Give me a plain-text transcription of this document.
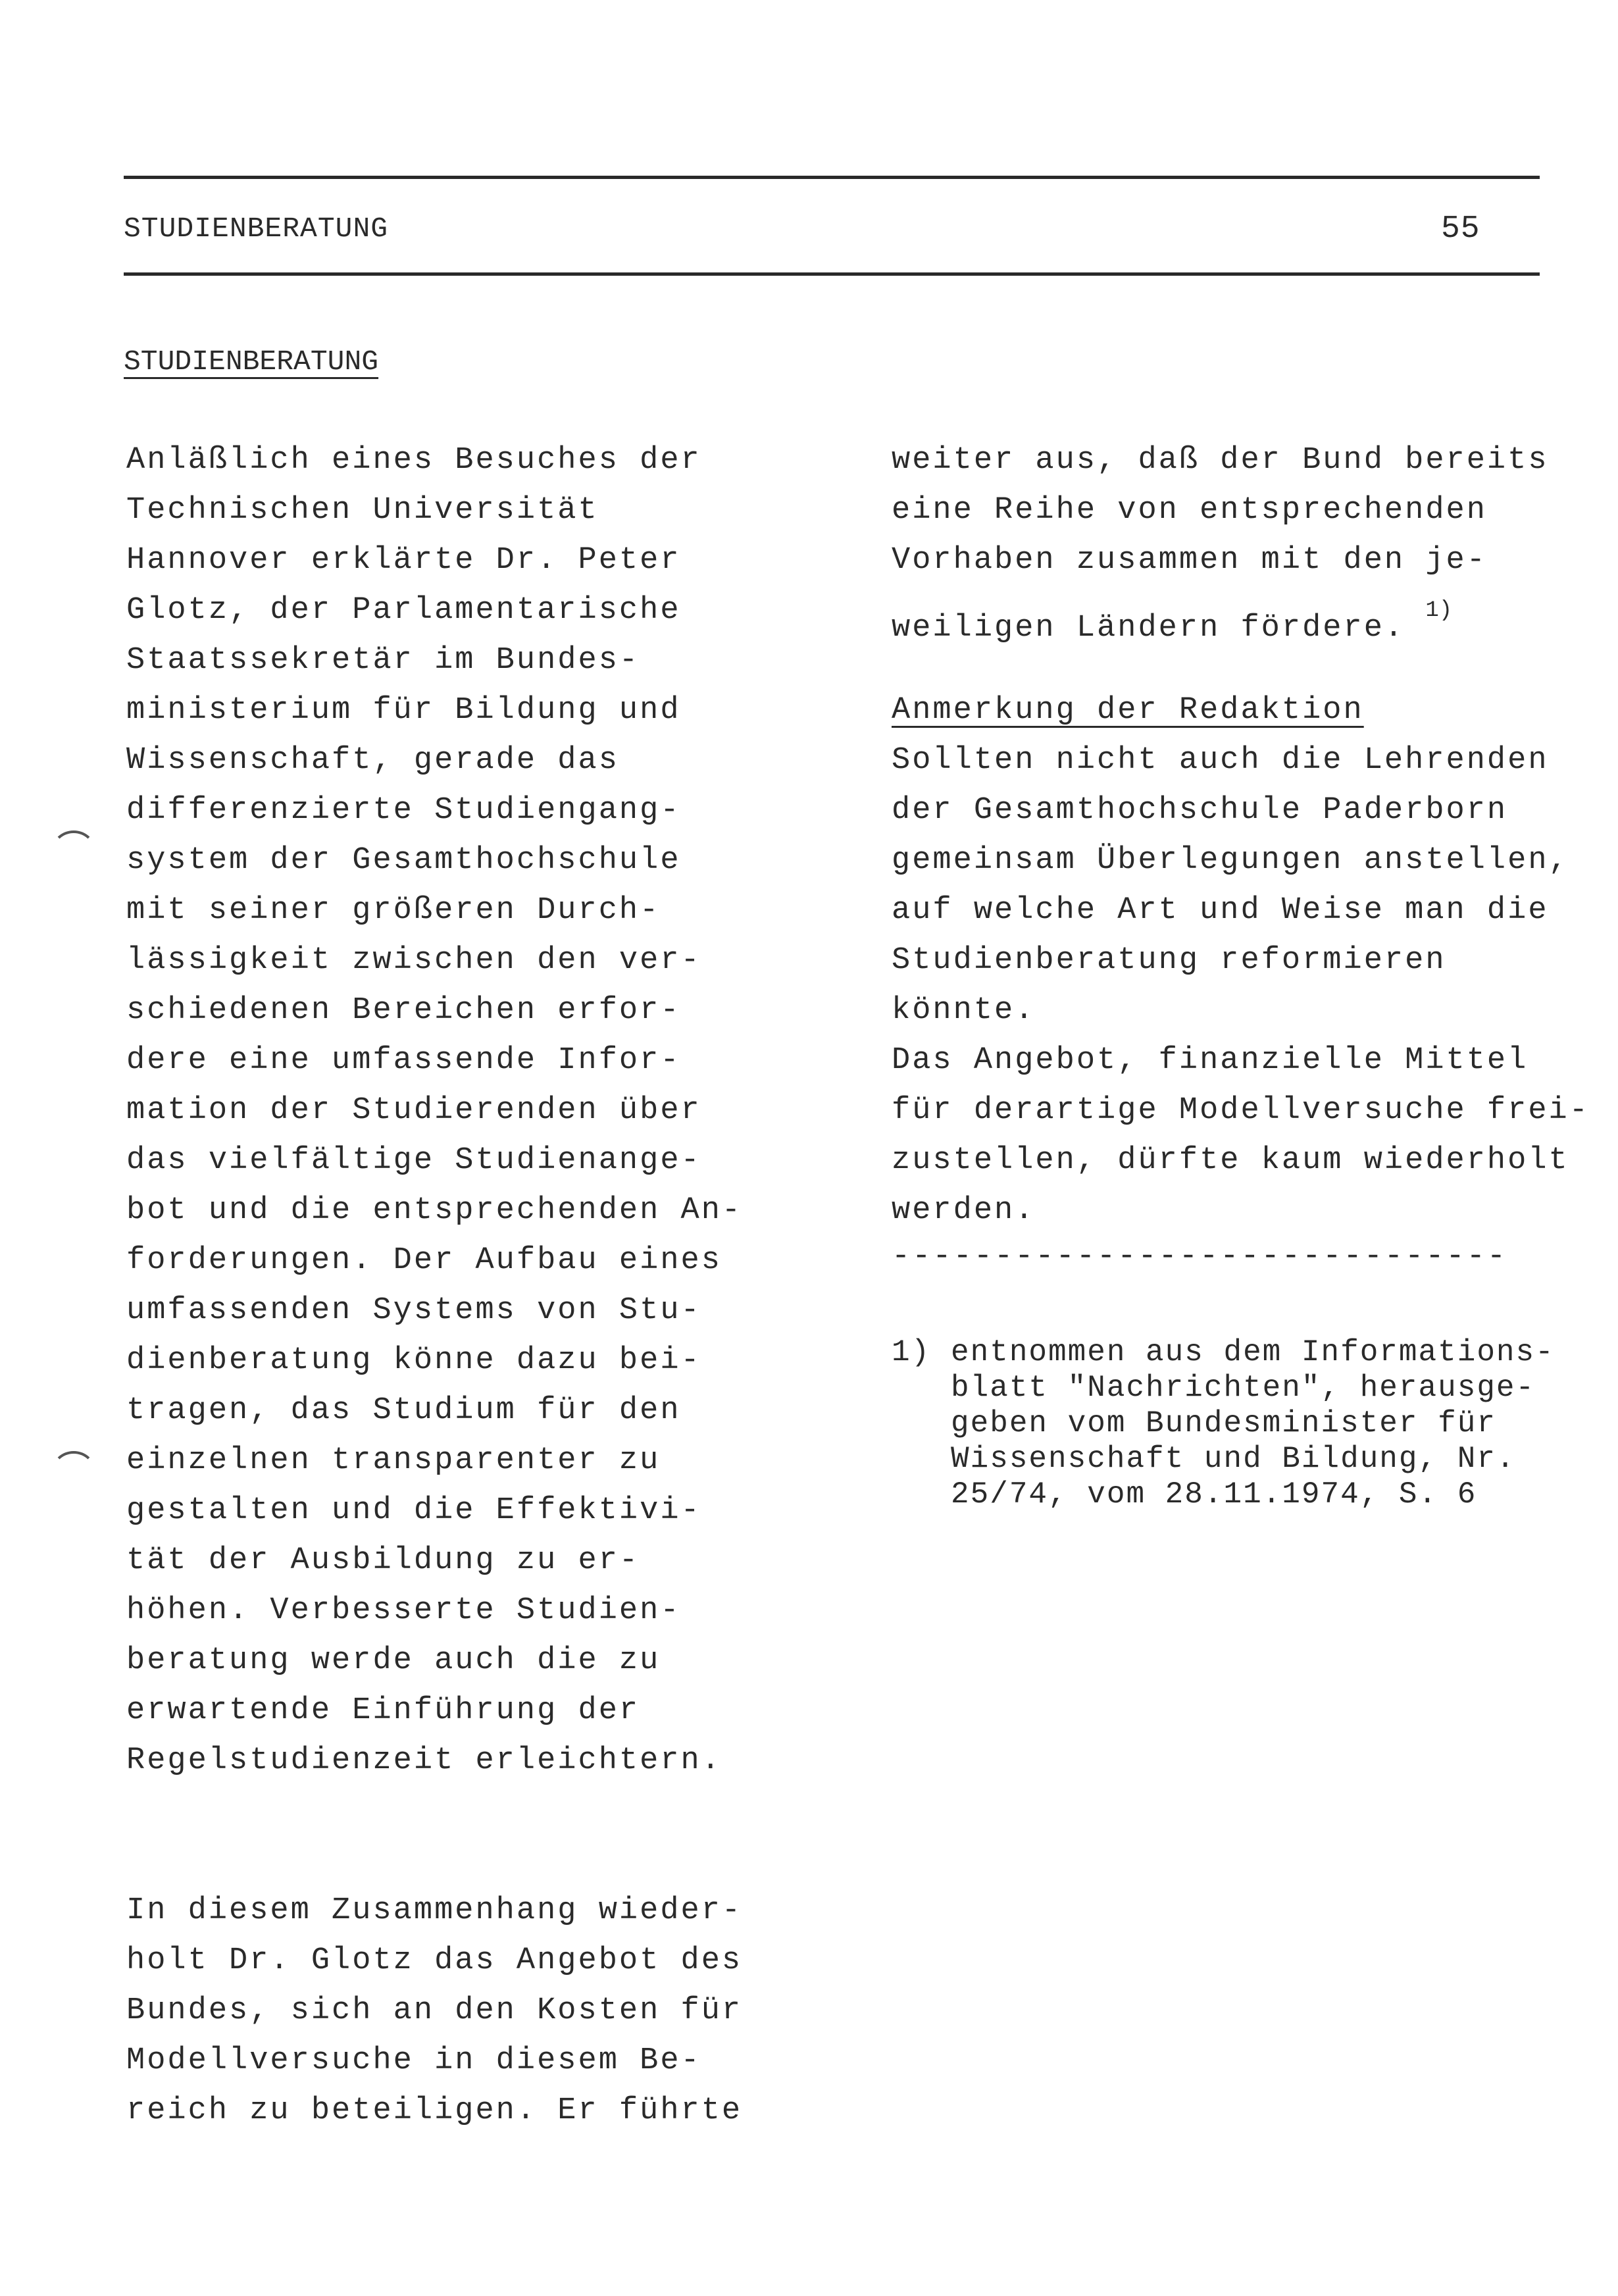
STUDIENBERATUNG	55
STUDIENBERATUNG
Anläßlich eines Besuches der
Technischen Universität
Hannover erklärte Dr. Peter
Glotz, der Parlamentarische
Staatssekretär im Bundes-
ministerium für Bildung und
Wissenschaft, gerade das
differenzierte Studiengang-
system der Gesamthochschule
mit seiner größeren Durch-
lässigkeit zwischen den ver-
schiedenen Bereichen erfor-
dere eine umfassende Infor-
mation der Studierenden über
das vielfältige Studienange-
bot und die entsprechenden An-
forderungen. Der Aufbau eines
umfassenden Systems von Stu-
dienberatung könne dazu bei-
tragen, das Studium für den
einzelnen transparenter zu
gestalten und die Effektivi-
tät der Ausbildung zu er-
höhen. Verbesserte Studien-
beratung werde auch die zu
erwartende Einführung der
Regelstudienzeit erleichtern.
In diesem Zusammenhang wieder-
holt Dr. Glotz das Angebot des
Bundes, sich an den Kosten für
Modellversuche in diesem Be-
reich zu beteiligen. Er führte
weiter aus, daß der Bund bereits
eine Reihe von entsprechenden
Vorhaben zusammen mit den je-
weiligen Ländern fördere. $^{1)}$
Anmerkung der Redaktion
Sollten nicht auch die Lehrenden
der Gesamthochschule Paderborn
gemeinsam Überlegungen anstellen,
auf welche Art und Weise man die
Studienberatung reformieren
könnte.
Das Angebot, finanzielle Mittel
für derartige Modellversuche frei-
zustellen, dürfte kaum wiederholt
werden.
------------------------------
1) entnommen aus dem Informations-
blatt "Nachrichten", herausge-
geben vom Bundesminister für
Wissenschaft und Bildung, Nr.
25/74, vom 28.11.1974, S. 6
